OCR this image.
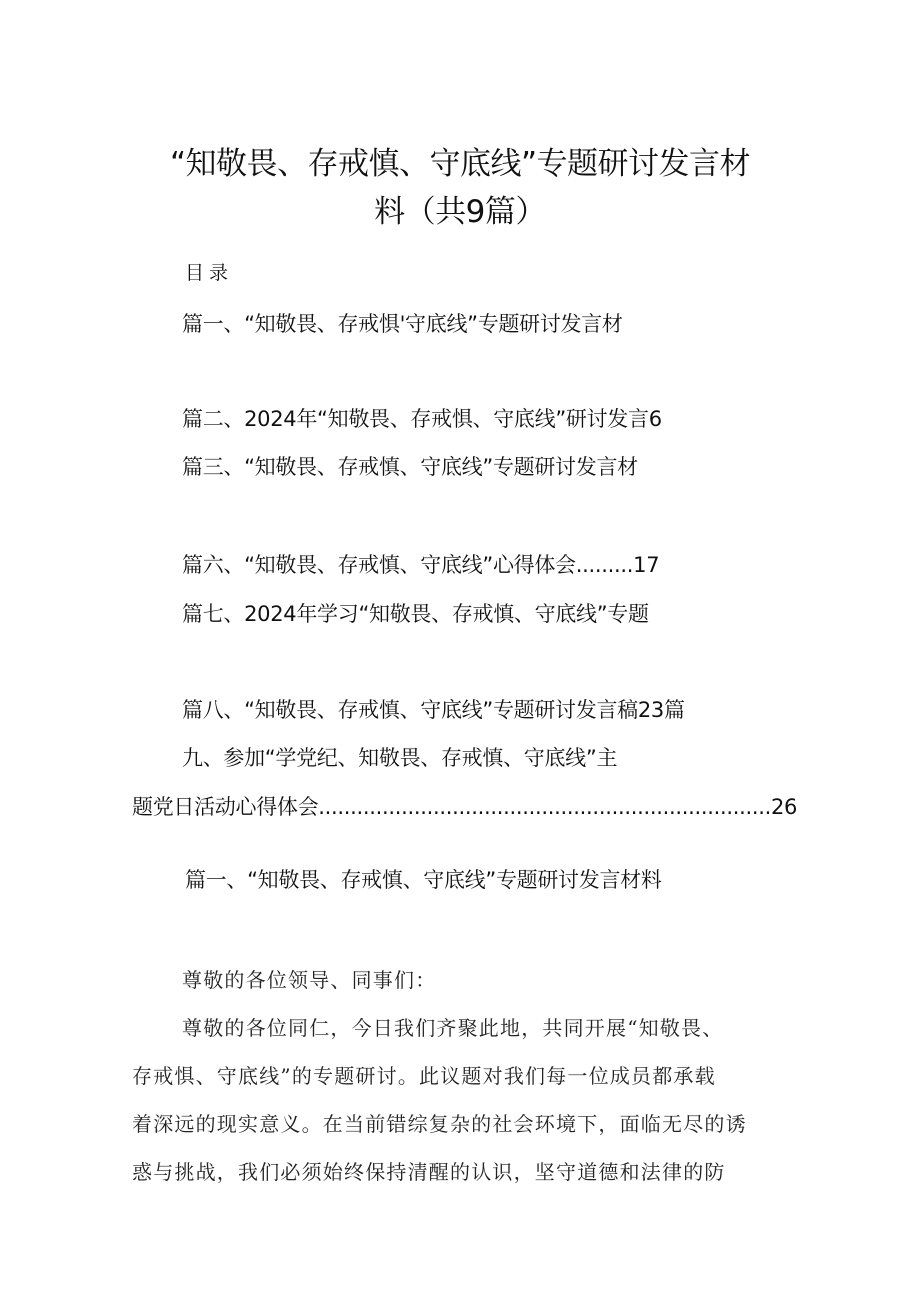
“知敬畏、存戒慎、守底线”专题研讨发言材
料（共9篇）
目录
篇一、“知敬畏、存戒惧'守底线”专题研讨发言材
篇二、2024年“知敬畏、存戒惧、守底线”研讨发言6
篇三、“知敬畏、存戒慎、守底线”专题研讨发言材
篇六、“知敬畏、存戒慎、守底线”心得体会.........17
篇七、2024年学习“知敬畏、存戒慎、守底线”专题
篇八、“知敬畏、存戒慎、守底线”专题研讨发言稿23篇
九、参加“学党纪、知敬畏、存戒慎、守底线”主
题党日活动心得体会.......................................................................26
篇一、“知敬畏、存戒慎、守底线”专题研讨发言材料
尊敬的各位领导、同事们：
尊敬的各位同仁，今日我们齐聚此地，共同开展“知敬畏、
存戒惧、守底线”的专题研讨。此议题对我们每一位成员都承载
着深远的现实意义。在当前错综复杂的社会环境下，面临无尽的诱
惑与挑战，我们必须始终保持清醒的认识，坚守道德和法律的防
